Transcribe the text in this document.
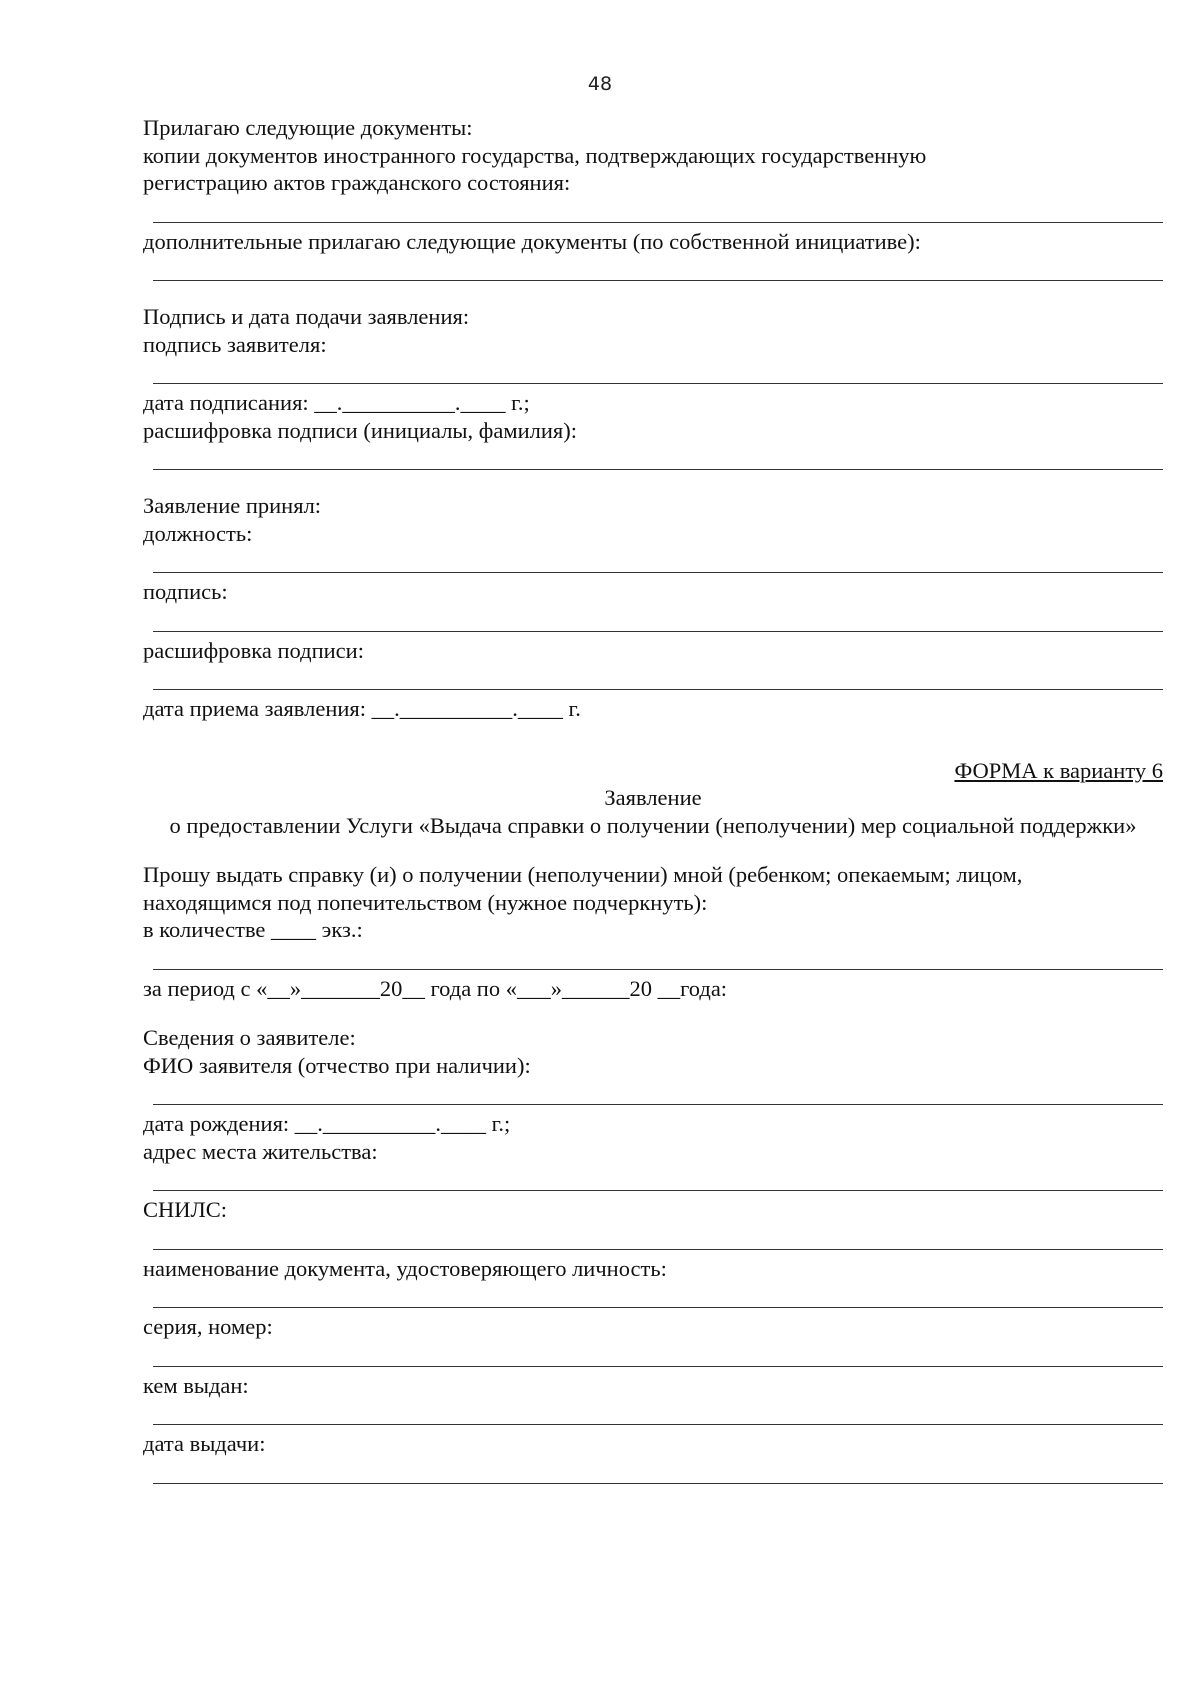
48

Прилагаю следующие документы:

копии документов иностранного государства, подтверждающих государственную

регистрацию актов гражданского состояния:

дополнительные прилагаю следующие документы (по собственной инициативе):

Подпись и дата подачи заявления:

подпись заявителя:

дата подписания: __.__________.____ г.;

расшифровка подписи (инициалы, фамилия):

Заявление принял:

должность:

подпись:

расшифровка подписи:

дата приема заявления: __.__________.____ г.

ФОРМА к варианту 6

Заявление

о предоставлении Услуги «Выдача справки о получении (неполучении) мер социальной поддержки»

Прошу выдать справку (и) о получении (неполучении) мной (ребенком; опекаемым; лицом,

находящимся под попечительством (нужное подчеркнуть):

в количестве ____ экз.:

за период с «__»_______20__ года по «___»______20 __года:

Сведения о заявителе:

ФИО заявителя (отчество при наличии):

дата рождения: __.__________.____ г.;

адрес места жительства:

СНИЛС:

наименование документа, удостоверяющего личность:

серия, номер:

кем выдан:

дата выдачи:
